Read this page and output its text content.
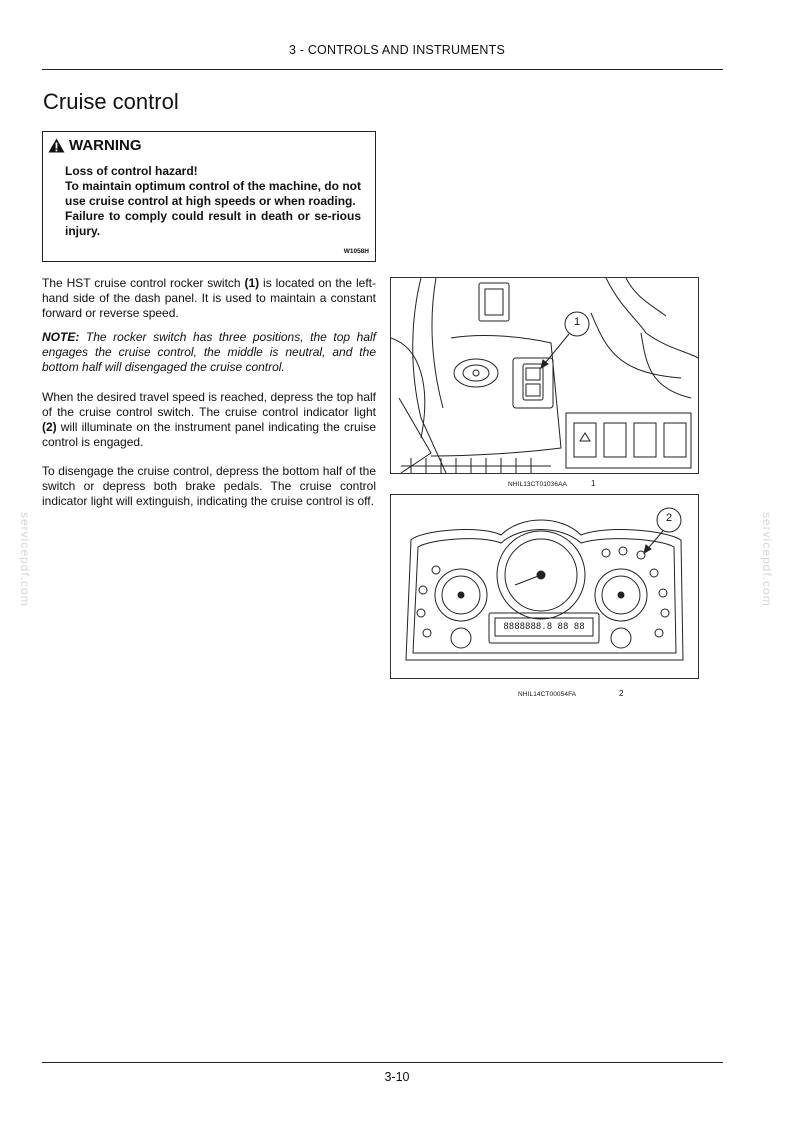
3 - CONTROLS AND INSTRUMENTS
Cruise control
WARNING
Loss of control hazard!
To maintain optimum control of the machine, do not use cruise control at high speeds or when roading.
Failure to comply could result in death or se-rious injury.
W1058H

The HST cruise control rocker switch (1) is located on the left-hand side of the dash panel. It is used to maintain a constant forward or reverse speed.

NOTE: The rocker switch has three positions, the top half engages the cruise control, the middle is neutral, and the bottom half will disengaged the cruise control.

When the desired travel speed is reached, depress the top half of the cruise control switch. The cruise control indicator light (2) will illuminate on the instrument panel indicating the cruise control is engaged.

To disengage the cruise control, depress the bottom half of the switch or depress both brake pedals. The cruise control indicator light will extinguish, indicating the cruise control is off.

1
NHIL13CT01036AA	1
8888888.8 88 88
2
NHIL14CT00054FA	2
servicepdf.com	servicepdf.com
3-10
